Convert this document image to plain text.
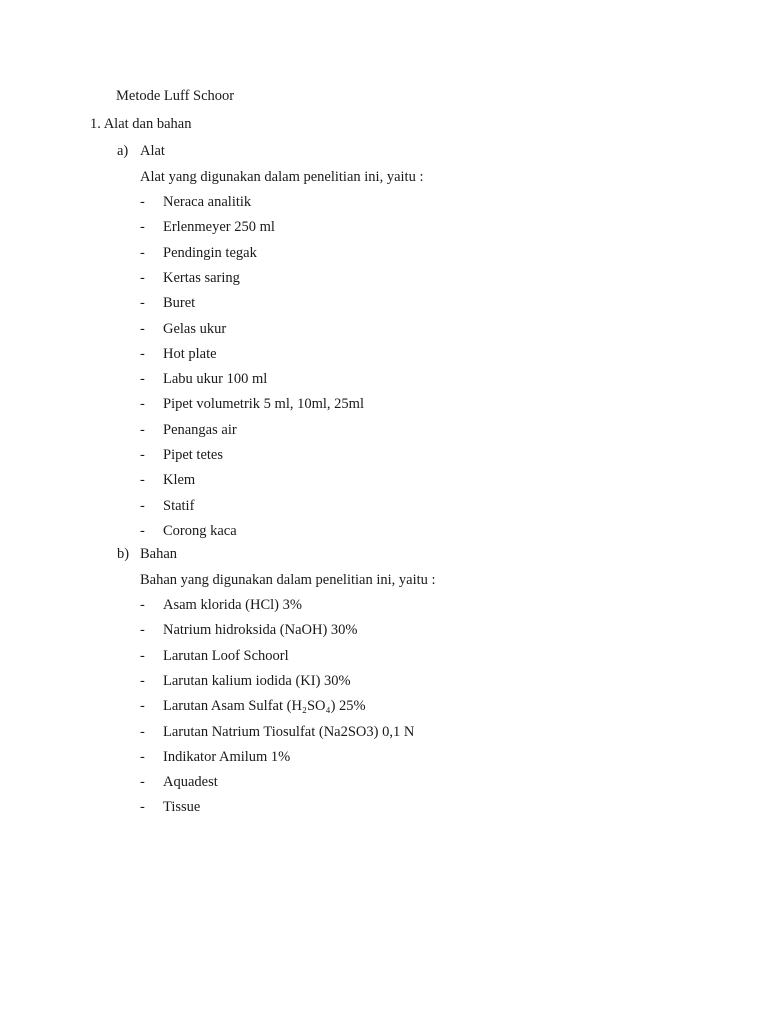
Metode Luff Schoor
1. Alat dan bahan
a) Alat
Alat yang digunakan dalam penelitian ini, yaitu :
- Neraca analitik
- Erlenmeyer 250 ml
- Pendingin tegak
- Kertas saring
- Buret
- Gelas ukur
- Hot plate
- Labu ukur 100 ml
- Pipet volumetrik 5 ml, 10ml, 25ml
- Penangas air
- Pipet tetes
- Klem
- Statif
- Corong kaca
b) Bahan
Bahan yang digunakan dalam penelitian ini, yaitu :
- Asam klorida (HCl) 3%
- Natrium hidroksida (NaOH) 30%
- Larutan Loof Schoorl
- Larutan kalium iodida (KI) 30%
- Larutan Asam Sulfat (H₂SO₄) 25%
- Larutan Natrium Tiosulfat (Na2SO3) 0,1 N
- Indikator Amilum 1%
- Aquadest
- Tissue
